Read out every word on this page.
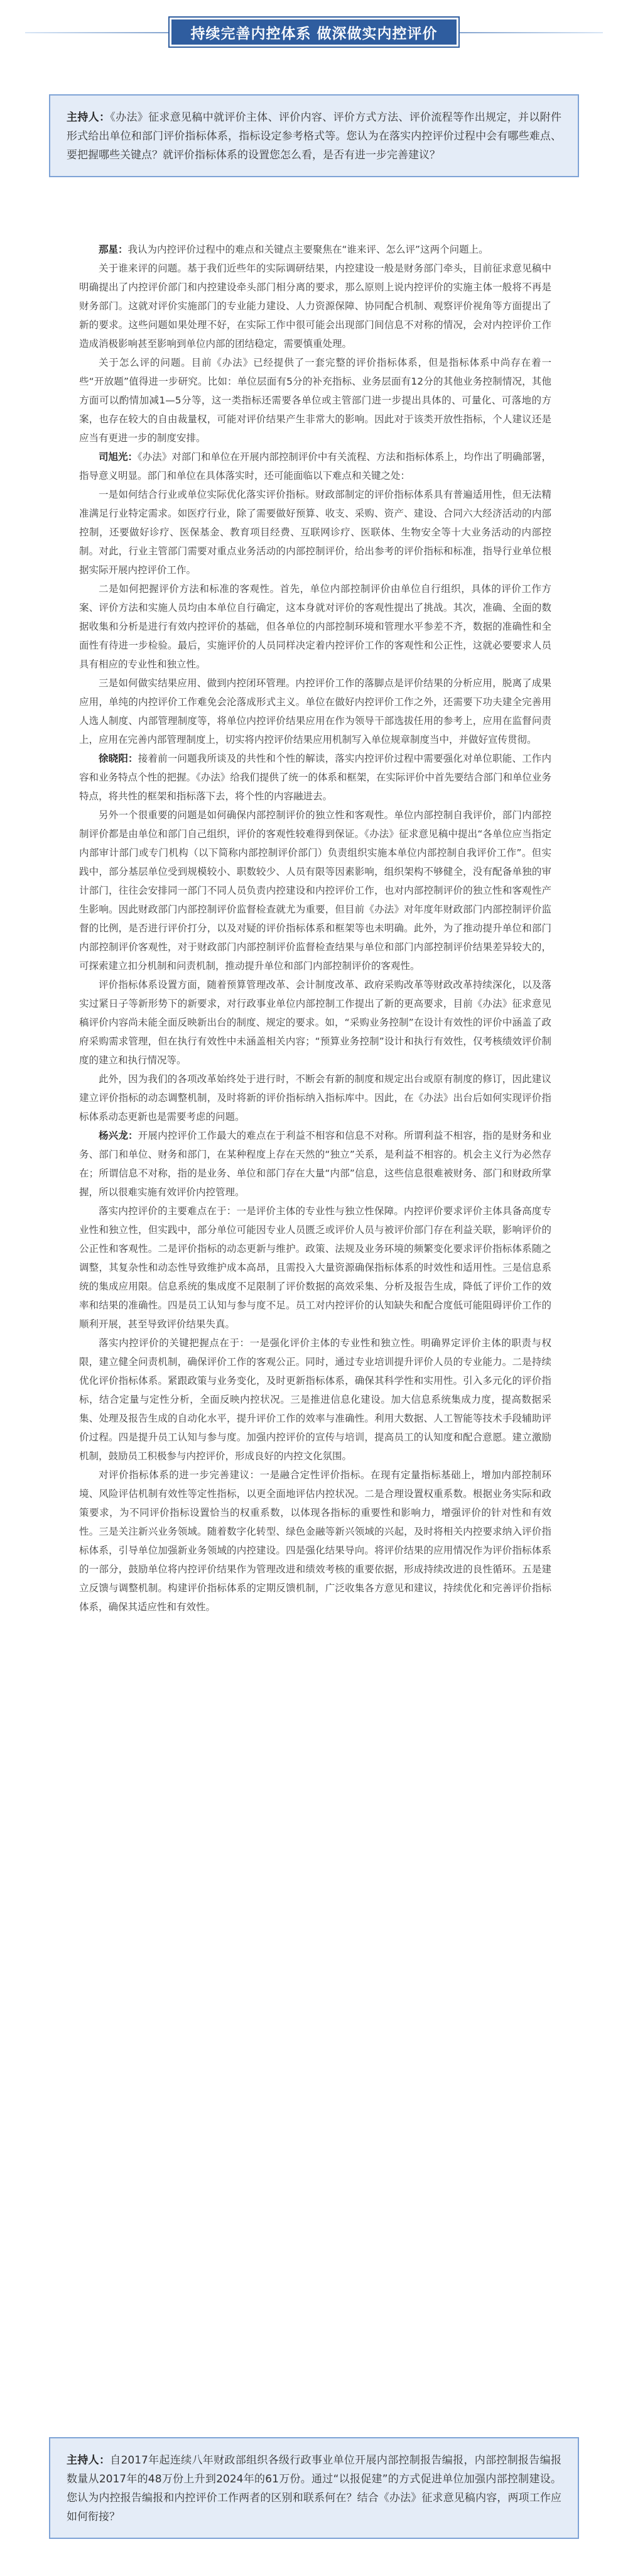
持续完善内控体系 做深做实内控评价
主持人：《办法》征求意见稿中就评价主体、评价内容、评价方式方法、评价流程等作出规定，并以附件形式给出单位和部门评价指标体系，指标设定参考格式等。您认为在落实内控评价过程中会有哪些难点、要把握哪些关键点？就评价指标体系的设置您怎么看，是否有进一步完善建议？

那星：我认为内控评价过程中的难点和关键点主要聚焦在“谁来评、怎么评”这两个问题上。

关于谁来评的问题。基于我们近些年的实际调研结果，内控建设一般是财务部门牵头，目前征求意见稿中明确提出了内控评价部门和内控建设牵头部门相分离的要求，那么原则上说内控评价的实施主体一般将不再是财务部门。这就对评价实施部门的专业能力建设、人力资源保障、协同配合机制、观察评价视角等方面提出了新的要求。这些问题如果处理不好，在实际工作中很可能会出现部门间信息不对称的情况，会对内控评价工作造成消极影响甚至影响到单位内部的团结稳定，需要慎重处理。

关于怎么评的问题。目前《办法》已经提供了一套完整的评价指标体系，但是指标体系中尚存在着一些“开放题”值得进一步研究。比如：单位层面有5分的补充指标、业务层面有12分的其他业务控制情况，其他方面可以酌情加减1—5分等，这一类指标还需要各单位或主管部门进一步提出具体的、可量化、可落地的方案，也存在较大的自由裁量权，可能对评价结果产生非常大的影响。因此对于该类开放性指标，个人建议还是应当有更进一步的制度安排。

司旭光：《办法》对部门和单位在开展内部控制评价中有关流程、方法和指标体系上，均作出了明确部署，指导意义明显。部门和单位在具体落实时，还可能面临以下难点和关键之处：

一是如何结合行业或单位实际优化落实评价指标。财政部制定的评价指标体系具有普遍适用性，但无法精准满足行业特定需求。如医疗行业，除了需要做好预算、收支、采购、资产、建设、合同六大经济活动的内部控制，还要做好诊疗、医保基金、教育项目经费、互联网诊疗、医联体、生物安全等十大业务活动的内部控制。对此，行业主管部门需要对重点业务活动的内部控制评价，给出参考的评价指标和标准，指导行业单位根据实际开展内控评价工作。

二是如何把握评价方法和标准的客观性。首先，单位内部控制评价由单位自行组织，具体的评价工作方案、评价方法和实施人员均由本单位自行确定，这本身就对评价的客观性提出了挑战。其次，准确、全面的数据收集和分析是进行有效内控评价的基础，但各单位的内部控制环境和管理水平参差不齐，数据的准确性和全面性有待进一步检验。最后，实施评价的人员同样决定着内控评价工作的客观性和公正性，这就必要要求人员具有相应的专业性和独立性。

三是如何做实结果应用、做到内控闭环管理。内控评价工作的落脚点是评价结果的分析应用，脱离了成果应用，单纯的内控评价工作难免会沦落成形式主义。单位在做好内控评价工作之外，还需要下功夫建全完善用人选人制度、内部管理制度等，将单位内控评价结果应用在作为领导干部选拔任用的参考上，应用在监督问责上，应用在完善内部管理制度上，切实将内控评价结果应用机制写入单位规章制度当中，并做好宣传贯彻。

徐晓阳：接着前一问题我所谈及的共性和个性的解读，落实内控评价过程中需要强化对单位职能、工作内容和业务特点个性的把握。《办法》给我们提供了统一的体系和框架，在实际评价中首先要结合部门和单位业务特点，将共性的框架和指标落下去，将个性的内容融进去。

另外一个很重要的问题是如何确保内部控制评价的独立性和客观性。单位内部控制自我评价，部门内部控制评价都是由单位和部门自己组织，评价的客观性较难得到保证。《办法》征求意见稿中提出“各单位应当指定内部审计部门或专门机构（以下简称内部控制评价部门）负责组织实施本单位内部控制自我评价工作”。但实践中，部分基层单位受到规模较小、职数较少、人员有限等因素影响，组织架构不够健全，没有配备单独的审计部门，往往会安排同一部门不同人员负责内控建设和内控评价工作，也对内部控制评价的独立性和客观性产生影响。因此财政部门内部控制评价监督检查就尤为重要，但目前《办法》对年度年财政部门内部控制评价监督的比例，是否进行评价打分，以及对疑的评价指标体系和框架等也未明确。此外，为了推动提升单位和部门内部控制评价客观性，对于财政部门内部控制评价监督检查结果与单位和部门内部控制评价结果差异较大的，可探索建立扣分机制和问责机制，推动提升单位和部门内部控制评价的客观性。

评价指标体系设置方面，随着预算管理改革、会计制度改革、政府采购改革等财政改革持续深化，以及落实过紧日子等新形势下的新要求，对行政事业单位内部控制工作提出了新的更高要求，目前《办法》征求意见稿评价内容尚未能全面反映新出台的制度、规定的要求。如，“采购业务控制”在设计有效性的评价中涵盖了政府采购需求管理，但在执行有效性中未涵盖相关内容；“预算业务控制”设计和执行有效性，仅考核绩效评价制度的建立和执行情况等。

此外，因为我们的各项改革始终处于进行时，不断会有新的制度和规定出台或原有制度的修订，因此建议建立评价指标的动态调整机制，及时将新的评价指标纳入指标库中。因此，在《办法》出台后如何实现评价指标体系动态更新也是需要考虑的问题。

杨兴龙：开展内控评价工作最大的难点在于利益不相容和信息不对称。所谓利益不相容，指的是财务和业务、部门和单位、财务和部门，在某种程度上存在天然的“独立”关系，是利益不相容的。机会主义行为必然存在；所谓信息不对称，指的是业务、单位和部门存在大量“内部”信息，这些信息很难被财务、部门和财政所掌握，所以很难实施有效评价内控管理。

落实内控评价的主要难点在于：一是评价主体的专业性与独立性保障。内控评价要求评价主体具备高度专业性和独立性，但实践中，部分单位可能因专业人员匮乏或评价人员与被评价部门存在利益关联，影响评价的公正性和客观性。二是评价指标的动态更新与维护。政策、法规及业务环境的频繁变化要求评价指标体系随之调整，其复杂性和动态性导致维护成本高昂，且需投入大量资源确保指标体系的时效性和适用性。三是信息系统的集成应用限。信息系统的集成度不足限制了评价数据的高效采集、分析及报告生成，降低了评价工作的效率和结果的准确性。四是员工认知与参与度不足。员工对内控评价的认知缺失和配合度低可能阻碍评价工作的顺利开展，甚至导致评价结果失真。

落实内控评价的关键把握点在于：一是强化评价主体的专业性和独立性。明确界定评价主体的职责与权限，建立健全问责机制，确保评价工作的客观公正。同时，通过专业培训提升评价人员的专业能力。二是持续优化评价指标体系。紧跟政策与业务变化，及时更新指标体系，确保其科学性和实用性。引入多元化的评价指标，结合定量与定性分析，全面反映内控状况。三是推进信息化建设。加大信息系统集成力度，提高数据采集、处理及报告生成的自动化水平，提升评价工作的效率与准确性。利用大数据、人工智能等技术手段辅助评价过程。四是提升员工认知与参与度。加强内控评价的宣传与培训，提高员工的认知度和配合意愿。建立激励机制，鼓励员工积极参与内控评价，形成良好的内控文化氛围。

对评价指标体系的进一步完善建议：一是融合定性评价指标。在现有定量指标基础上，增加内部控制环境、风险评估机制有效性等定性指标，以更全面地评估内控状况。二是合理设置权重系数。根据业务实际和政策要求，为不同评价指标设置恰当的权重系数，以体现各指标的重要性和影响力，增强评价的针对性和有效性。三是关注新兴业务领域。随着数字化转型、绿色金融等新兴领域的兴起，及时将相关内控要求纳入评价指标体系，引导单位加强新业务领域的内控建设。四是强化结果导向。将评价结果的应用情况作为评价指标体系的一部分，鼓励单位将内控评价结果作为管理改进和绩效考核的重要依据，形成持续改进的良性循环。五是建立反馈与调整机制。构建评价指标体系的定期反馈机制，广泛收集各方意见和建议，持续优化和完善评价指标体系，确保其适应性和有效性。

主持人：自2017年起连续八年财政部组织各级行政事业单位开展内部控制报告编报，内部控制报告编报数量从2017年的48万份上升到2024年的61万份。通过“以报促建”的方式促进单位加强内部控制建设。您认为内控报告编报和内控评价工作两者的区别和联系何在？结合《办法》征求意见稿内容，两项工作应如何衔接？
